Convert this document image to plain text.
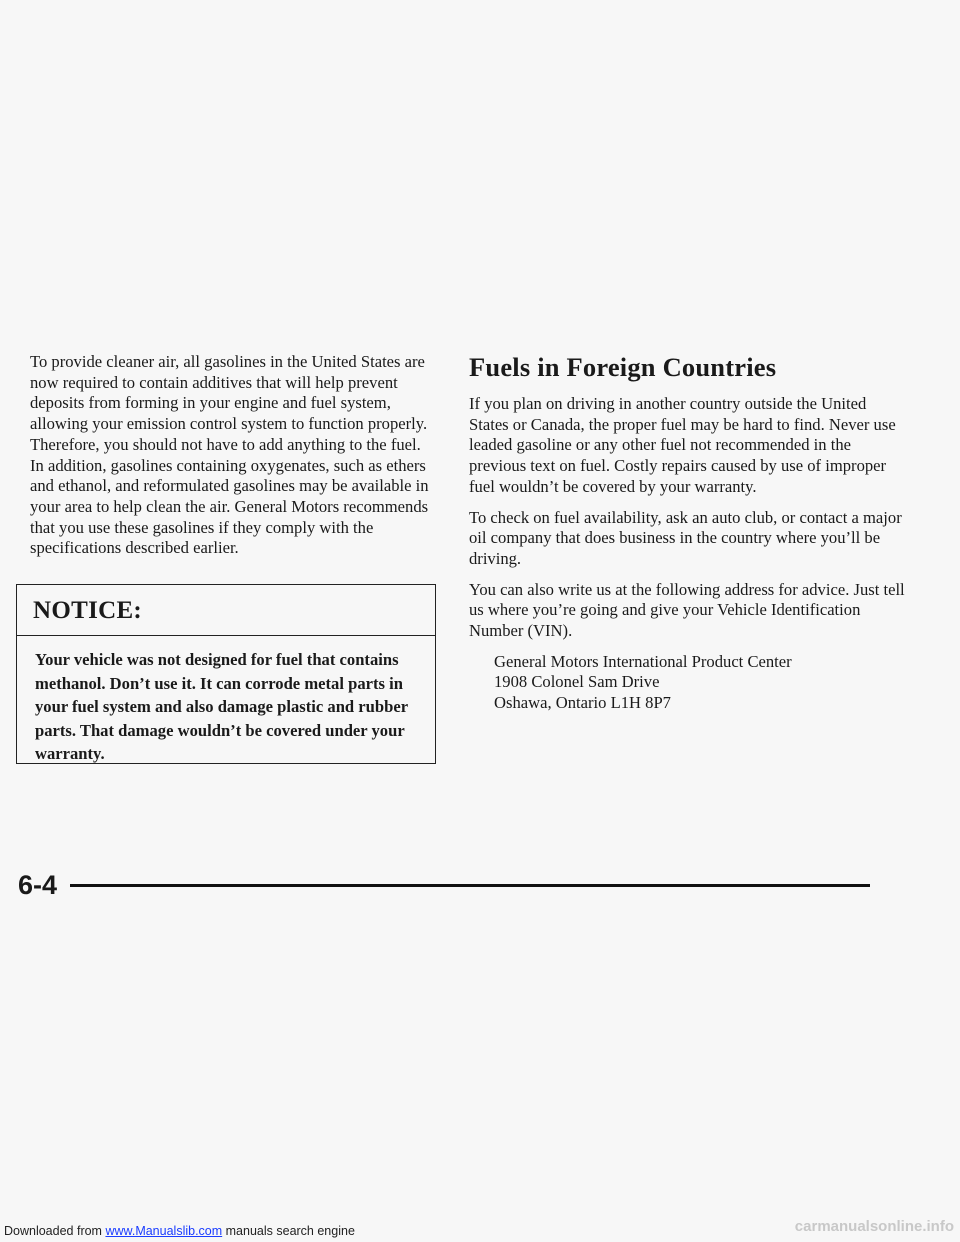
To provide cleaner air, all gasolines in the United States are now required to contain additives that will help prevent deposits from forming in your engine and fuel system, allowing your emission control system to function properly. Therefore, you should not have to add anything to the fuel. In addition, gasolines containing oxygenates, such as ethers and ethanol, and reformulated gasolines may be available in your area to help clean the air. General Motors recommends that you use these gasolines if they comply with the specifications described earlier.

NOTICE:
Your vehicle was not designed for fuel that contains methanol. Don’t use it. It can corrode metal parts in your fuel system and also damage plastic and rubber parts. That damage wouldn’t be covered under your warranty.
Fuels in Foreign Countries

If you plan on driving in another country outside the United States or Canada, the proper fuel may be hard to find. Never use leaded gasoline or any other fuel not recommended in the previous text on fuel. Costly repairs caused by use of improper fuel wouldn’t be covered by your warranty.

To check on fuel availability, ask an auto club, or contact a major oil company that does business in the country where you’ll be driving.

You can also write us at the following address for advice. Just tell us where you’re going and give your Vehicle Identification Number (VIN).

General Motors International Product Center
1908 Colonel Sam Drive
Oshawa, Ontario L1H 8P7
6-4
Downloaded from www.Manualslib.com manuals search engine	carmanualsonline.info
